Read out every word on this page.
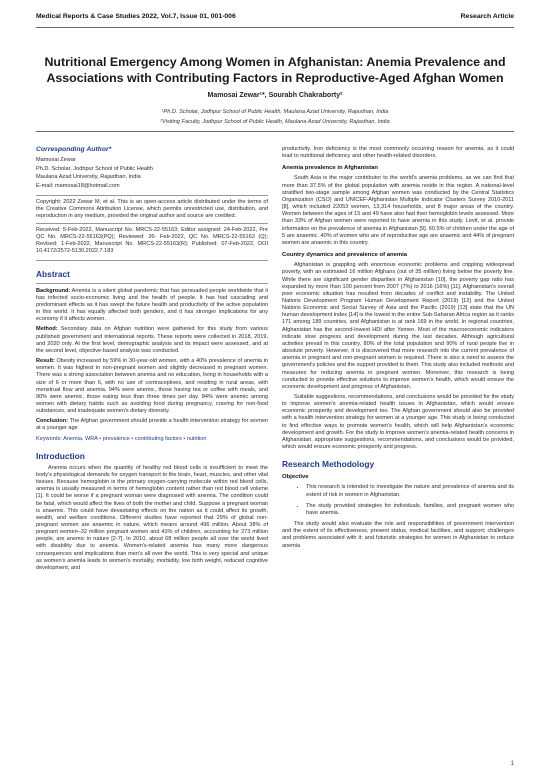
Medical Reports & Case Studies 2022, Vol.7, Issue 01, 001-006	Research Article
Nutritional Emergency Among Women in Afghanistan: Anemia Prevalence and Associations with Contributing Factors in Reproductive-Aged Afghan Women
Mamosai Zewar¹*, Sourabh Chakraborty²
¹Ph.D. Scholar, Jodhpur School of Public Health, Maulana Azad University, Rajasthan, India
²Visiting Faculty, Jodhpur School of Public Health, Maulana Azad University, Rajasthan, India
Corresponding Author*
Mamosai Zewar
Ph.D. Scholar, Jodhpur School of Public Health
Maulana Azad University, Rajasthan, India
E-mail: mamosai18@hotmail.com
Copyright: 2022 Zewar M, et al. This is an open-access article distributed under the terms of the Creative Commons Attribution License, which permits unrestricted use, distribution, and reproduction in any medium, provided the original author and source are credited.
Received: 5-Feb-2022, Manuscript No. MRCS-22-55163; Editor assigned: 24-Feb-2022, Pre QC No. MRCS-22-55163(PQ); Reviewed: 26- Feb-2022, QC No. MRCS-22-55163 (Q); Revised: 1-Feb-2022, Manuscript No. MRCS-22-55163(R); Published: 07-Feb-2022, DOI 10.4172/2572-5130.2022.7.183
Abstract

Background: Anemia is a silent global pandemic that has persuaded people worldwide that it has infected socio-economic living and the health of people. It has had cascading and predominant effects as it has swept the future health and productivity of the active population in this world. It has equally affected both genders, and it has stronger implications for any economy if it affects women.

Method: Secondary data on Afghan nutrition were gathered for this study from various published government and international reports. These reports were collected in 2018, 2019, and 2020 only. At the first level, demographic analysis and its impact were assessed, and at the second level, objective-based analysis was conducted.

Result: Obesity increased by 59% in 30-year-old women, with a 40% prevalence of anemia in women. It was highest in non-pregnant women and slightly decreased in pregnant women. There was a strong association between anemia and no education, living in households with a size of 6 or more than 6, with no use of contraceptives, and residing in rural areas, with menstrual flow and anemia. 94% were anemic, those having tea or coffee with meals, and 90% were anemic, those eating less than three times per day. 84% were anemic among women with dietary habits such as avoiding food during pregnancy, craving for non-food substances, and inadequate women's dietary diversity.

Conclusion: The Afghan government should provide a health intervention strategy for women at a younger age

Keywords: Anemia, WRA • prevalence • contributing factors • nutrition

Introduction

Anemia occurs when the quantity of healthy red blood cells is insufficient to meet the body's physiological demands for oxygen transport to the brain, heart, muscles, and other vital tissues. Because hemoglobin is the primary oxygen-carrying molecule within red blood cells, anemia is usually measured in terms of hemoglobin content rather than red blood cell volume [1]. It could be worse if a pregnant woman were diagnosed with anemia. The condition could be fatal, which would affect the lives of both the mother and child. Suppose a pregnant woman is anaemic. This could have devastating effects on the nation as it could affect its growth, wealth, and welfare conditions. Different studies have reported that 29% of global non-pregnant women are anaemic in nature, which means around 496 million. About 38% of pregnant women–32 million pregnant women and 43% of children, accounting for 273 million people, are anemic in nature [2-7]. In 2010, about 68 million people all over the world lived with disability due to anemia. Women's-related anemia has many more dangerous consequences and implications than men's all over the world. This is very special and unique as women's anemia leads to women's mortality, morbidity, low birth weight, reduced cognitive development, and

productivity. Iron deficiency is the most commonly occurring reason for anemia, as it could lead to nutritional deficiency and other health-related disorders.

Anemia prevalence in Afghanistan

South Asia is the major contributor to the world's anemia problems, as we can find that more than 37.5% of the global population with anemia reside in this region. A national-level stratified two-stage sample among Afghan women was conducted by the Central Statistics Organization (CSO) and UNICEF-Afghanistan Multiple Indicator Clusters Survey 2010-2011 [8], which included 22053 women, 13,314 households, and 8 major areas of the country. Women between the ages of 15 and 49 have also had their hemoglobin levels assessed. More than 33% of Afghan women were reported to have anemia in this study. Levit, et al. provide information on the prevalence of anemia in Afghanistan [9]. 60.5% of children under the age of 5 are anaemic. 40% of women who are of reproductive age are anaemic and 44% of pregnant women are anaemic in this country.

Country dynamics and prevalence of anemia

Afghanistan is grappling with enormous economic problems and crippling widespread poverty, with an estimated 16 million Afghans (out of 35 million) living below the poverty line. While there are significant gender disparities in Afghanistan [10], the poverty gap ratio has expanded by more than 100 percent from 2007 (7%) to 2016 (16%) [11]. Afghanistan's overall poor economic situation has resulted from decades of conflict and instability. The United Nations Development Program Human Development Report (2019) [12] and the United Nations Economic and Social Survey of Asia and the Pacific (2019) [13] state that the UN human development index [14] is the lowest in the entire Sub-Saharan Africa region as it ranks 171 among 189 countries, and Afghanistan is at rank 169 in the world. In regional countries, Afghanistan has the second-lowest HDI after Yemen. Most of the macroeconomic indicators indicate slow progress and development during the last decades. Although agricultural activities prevail in this country, 80% of the total population and 90% of rural people live in absolute poverty. However, it is discovered that more research into the current prevalence of anemia in pregnant and non-pregnant women is required. There is also a need to assess the government's policies and the support provided to them. This study also included methods and measures for reducing anemia in pregnant women. Moreover, this research is being conducted to provide effective solutions to improve women's health, which would ensure the economic development and progress of Afghanistan.

Suitable suggestions, recommendations, and conclusions would be provided for the study to improve women's anemia-related health issues in Afghanistan, which would ensure economic prosperity and development too. The Afghan government should also be provided with a health intervention strategy for women at a younger age. This study is being conducted to find effective ways to promote women's health, which will help Afghanistan's economic development and growth. For the study to improve women's anemia-related health concerns in Afghanistan, appropriate suggestions, recommendations, and conclusions would be provided, which would ensure economic prosperity and progress.

Research Methodology
Objective
• This research is intended to investigate the nature and prevalence of anemia and its extent of risk in women in Afghanistan.
• The study provided strategies for individuals, families, and pregnant women who have anemia.

The study would also evaluate the role and responsibilities of government intervention and the extent of its effectiveness, present status, medical facilities, and support; challenges and problems associated with it; and futuristic strategies for women in Afghanistan to reduce anemia

1
